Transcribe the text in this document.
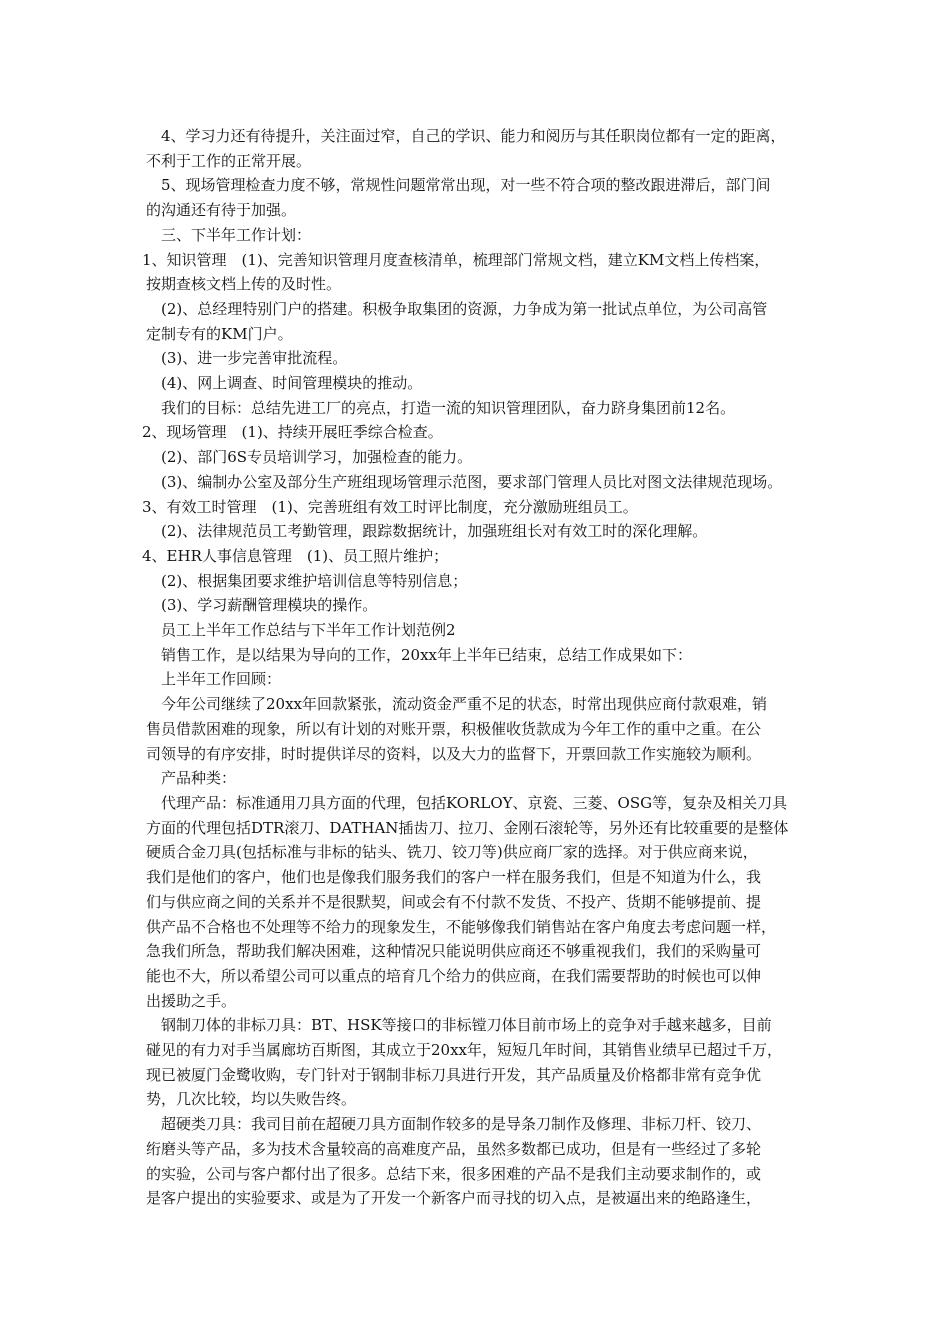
4、学习力还有待提升，关注面过窄，自己的学识、能力和阅历与其任职岗位都有一定的距离，

不利于工作的正常开展。

5、现场管理检查力度不够，常规性问题常常出现，对一些不符合项的整改跟进滞后，部门间

的沟通还有待于加强。

三、下半年工作计划：

1、知识管理　(1)、完善知识管理月度查核清单，梳理部门常规文档，建立KM文档上传档案，

按期查核文档上传的及时性。

(2)、总经理特别门户的搭建。积极争取集团的资源，力争成为第一批试点单位，为公司高管

定制专有的KM门户。

(3)、进一步完善审批流程。

(4)、网上调查、时间管理模块的推动。

我们的目标：总结先进工厂的亮点，打造一流的知识管理团队，奋力跻身集团前12名。

2、现场管理　(1)、持续开展旺季综合检查。

(2)、部门6S专员培训学习，加强检查的能力。

(3)、编制办公室及部分生产班组现场管理示范图，要求部门管理人员比对图文法律规范现场。

3、有效工时管理　(1)、完善班组有效工时评比制度，充分激励班组员工。

(2)、法律规范员工考勤管理，跟踪数据统计，加强班组长对有效工时的深化理解。

4、EHR人事信息管理　(1)、员工照片维护；

(2)、根据集团要求维护培训信息等特别信息；

(3)、学习薪酬管理模块的操作。

员工上半年工作总结与下半年工作计划范例2

销售工作，是以结果为导向的工作，20xx年上半年已结束，总结工作成果如下：

上半年工作回顾：

今年公司继续了20xx年回款紧张，流动资金严重不足的状态，时常出现供应商付款艰难，销

售员借款困难的现象，所以有计划的对账开票，积极催收货款成为今年工作的重中之重。在公

司领导的有序安排，时时提供详尽的资料，以及大力的监督下，开票回款工作实施较为顺利。

产品种类：

代理产品：标准通用刀具方面的代理，包括KORLOY、京瓷、三菱、OSG等，复杂及相关刀具

方面的代理包括DTR滚刀、DATHAN插齿刀、拉刀、金刚石滚轮等，另外还有比较重要的是整体

硬质合金刀具(包括标准与非标的钻头、铣刀、铰刀等)供应商厂家的选择。对于供应商来说，

我们是他们的客户，他们也是像我们服务我们的客户一样在服务我们，但是不知道为什么，我

们与供应商之间的关系并不是很默契，间或会有不付款不发货、不投产、货期不能够提前、提

供产品不合格也不处理等不给力的现象发生，不能够像我们销售站在客户角度去考虑问题一样，

急我们所急，帮助我们解决困难，这种情况只能说明供应商还不够重视我们，我们的采购量可

能也不大，所以希望公司可以重点的培育几个给力的供应商，在我们需要帮助的时候也可以伸

出援助之手。

钢制刀体的非标刀具：BT、HSK等接口的非标镗刀体目前市场上的竞争对手越来越多，目前

碰见的有力对手当属廊坊百斯图，其成立于20xx年，短短几年时间，其销售业绩早已超过千万，

现已被厦门金鹭收购，专门针对于钢制非标刀具进行开发，其产品质量及价格都非常有竞争优

势，几次比较，均以失败告终。

超硬类刀具：我司目前在超硬刀具方面制作较多的是导条刀制作及修理、非标刀杆、铰刀、

绗磨头等产品，多为技术含量较高的高难度产品，虽然多数都已成功，但是有一些经过了多轮

的实验，公司与客户都付出了很多。总结下来，很多困难的产品不是我们主动要求制作的，或

是客户提出的实验要求、或是为了开发一个新客户而寻找的切入点，是被逼出来的绝路逢生，
